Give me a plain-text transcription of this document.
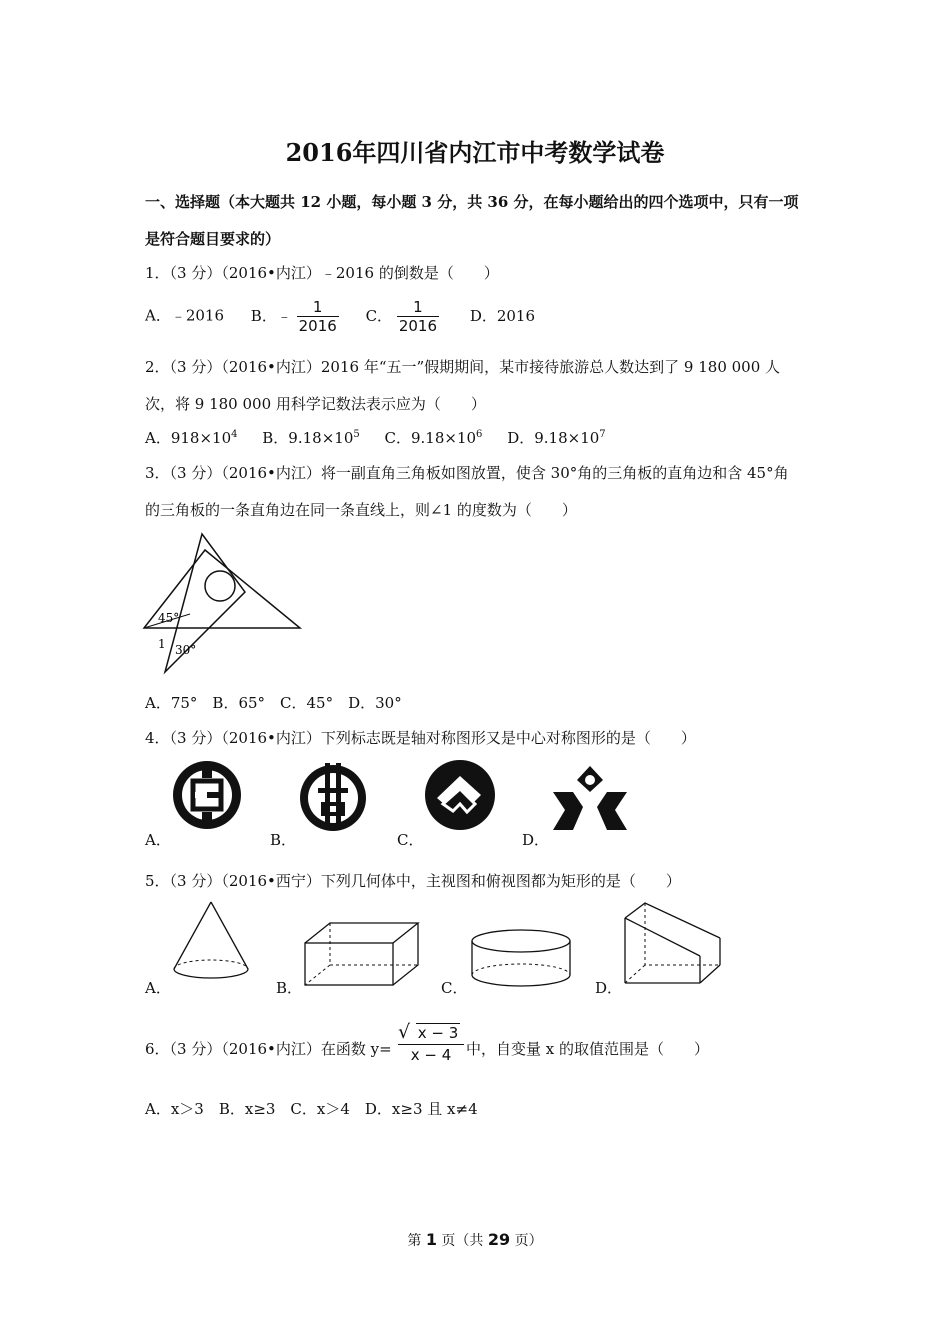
2016年四川省内江市中考数学试卷
一、选择题（本大题共 12 小题，每小题 3 分，共 36 分，在每小题给出的四个选项中，只有一项
是符合题目要求的）
1．（3 分）（2016•内江）﹣2016 的倒数是（　　）
A．﹣2016 B．﹣ $\frac{1}{2016}$ C． $\frac{1}{2016}$ D．2016
2．（3 分）（2016•内江）2016 年“五一”假期期间，某市接待旅游总人数达到了 9 180 000 人
次，将 9 180 000 用科学记数法表示应为（　　）
A．$918\times 10^4$ B．$9.18\times 10^5$ C．$9.18\times 10^6$ D．$9.18\times 10^7$
3．（3 分）（2016•内江）将一副直角三角板如图放置，使含 30°角的三角板的直角边和含 45°角
的三角板的一条直角边在同一条直线上，则∠1 的度数为（　　）
45°
1 30°
A．75°　B．65°　C．45°　D．30°
4．（3 分）（2016•内江）下列标志既是轴对称图形又是中心对称图形的是（　　）
A．	B．	C．	D．
5．（3 分）（2016•西宁）下列几何体中，主视图和俯视图都为矩形的是（　　）
A．	B．	C．	D．
6．（3 分）（2016•内江）在函数 y=
√ x − 3
x − 4 中，自变量 x 的取值范围是（　　）
A．x＞3　B．x≥3　C．x＞4　D．x≥3 且 x≠4
第 1 页（共 29 页）
